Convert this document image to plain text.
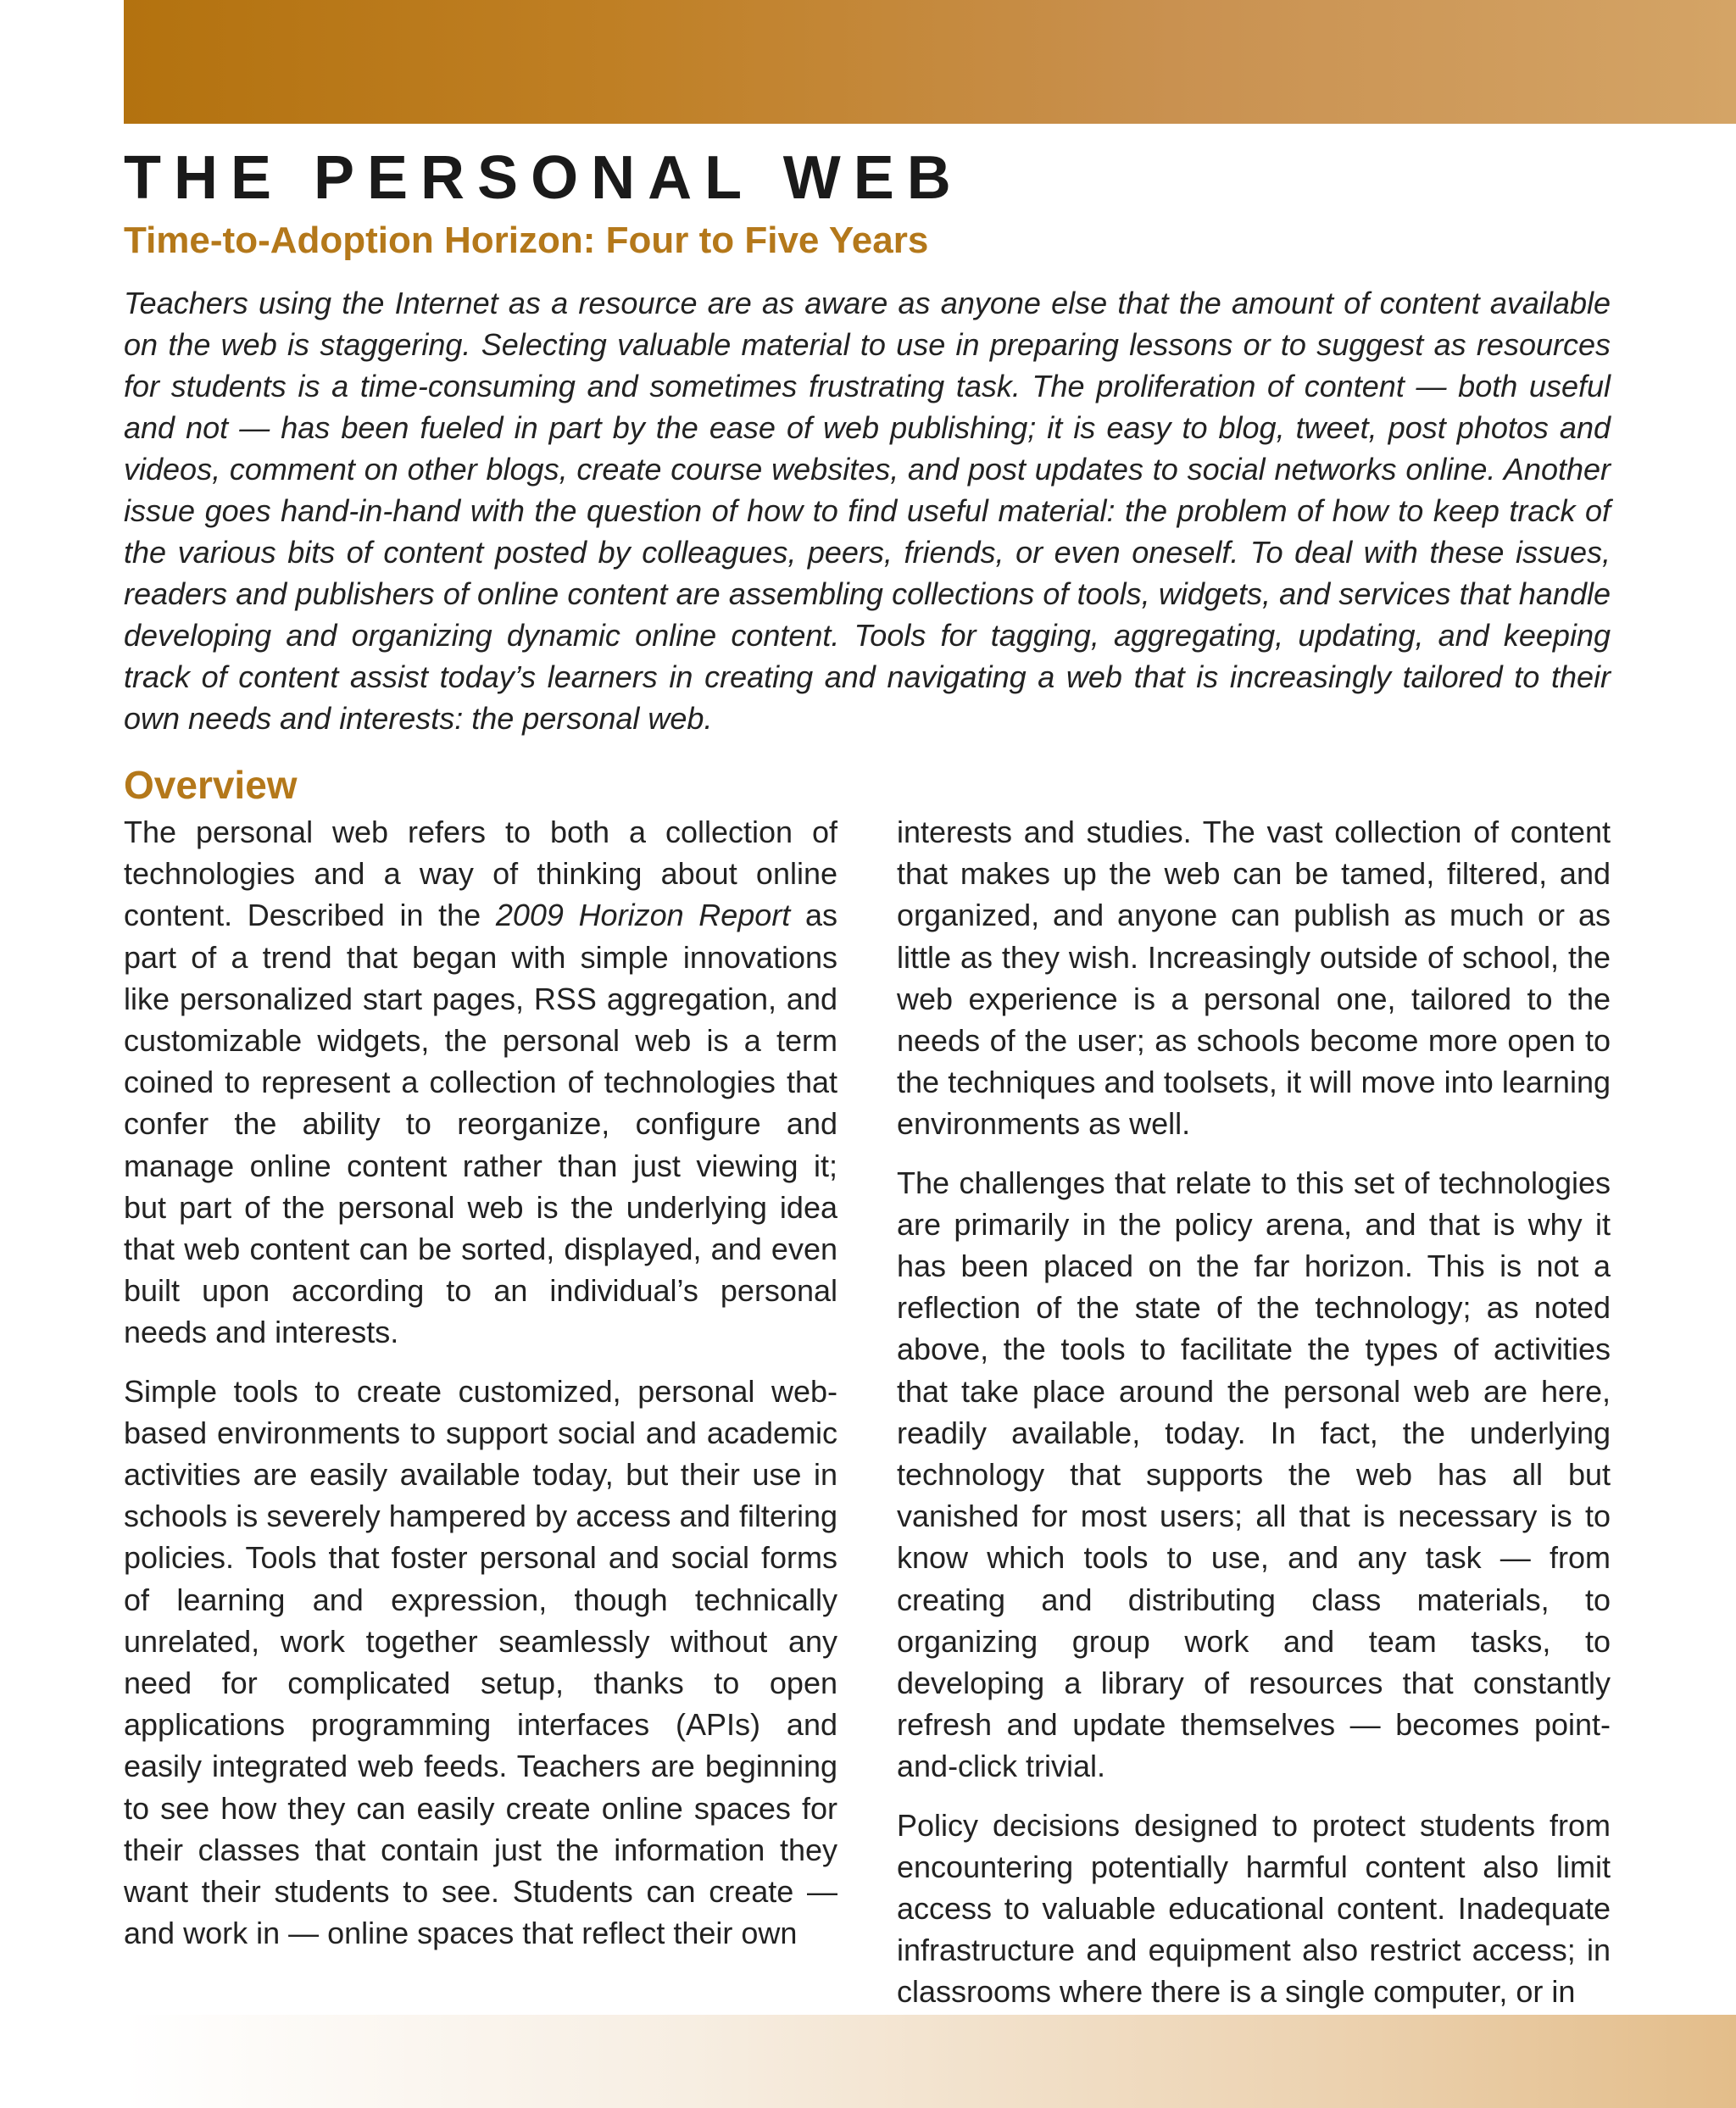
THE PERSONAL WEB
Time-to-Adoption Horizon: Four to Five Years

Teachers using the Internet as a resource are as aware as anyone else that the amount of content available on the web is staggering. Selecting valuable material to use in preparing lessons or to suggest as resources for students is a time-consuming and sometimes frustrating task. The proliferation of content — both useful and not — has been fueled in part by the ease of web publishing; it is easy to blog, tweet, post photos and videos, comment on other blogs, create course websites, and post updates to social networks online. Another issue goes hand-in-hand with the question of how to find useful material: the problem of how to keep track of the various bits of content posted by colleagues, peers, friends, or even oneself. To deal with these issues, readers and publishers of online content are assembling collections of tools, widgets, and services that handle developing and organizing dynamic online content. Tools for tagging, aggregating, updating, and keeping track of content assist today’s learners in creating and navigating a web that is increasingly tailored to their own needs and interests: the personal web.

Overview

The personal web refers to both a collection of technologies and a way of thinking about online content. Described in the 2009 Horizon Report as part of a trend that began with simple innovations like personalized start pages, RSS aggregation, and customizable widgets, the personal web is a term coined to represent a collection of technologies that confer the ability to reorganize, configure and manage online content rather than just viewing it; but part of the personal web is the underlying idea that web content can be sorted, displayed, and even built upon according to an individual’s personal needs and interests.

Simple tools to create customized, personal web-based environments to support social and academic activities are easily available today, but their use in schools is severely hampered by access and filtering policies. Tools that foster personal and social forms of learning and expression, though technically unrelated, work together seamlessly without any need for complicated setup, thanks to open applications programming interfaces (APIs) and easily integrated web feeds. Teachers are beginning to see how they can easily create online spaces for their classes that contain just the information they want their students to see. Students can create — and work in — online spaces that reflect their own

interests and studies. The vast collection of content that makes up the web can be tamed, filtered, and organized, and anyone can publish as much or as little as they wish. Increasingly outside of school, the web experience is a personal one, tailored to the needs of the user; as schools become more open to the techniques and toolsets, it will move into learning environments as well.

The challenges that relate to this set of technologies are primarily in the policy arena, and that is why it has been placed on the far horizon. This is not a reflection of the state of the technology; as noted above, the tools to facilitate the types of activities that take place around the personal web are here, readily available, today. In fact, the underlying technology that supports the web has all but vanished for most users; all that is necessary is to know which tools to use, and any task — from creating and distributing class materials, to organizing group work and team tasks, to developing a library of resources that constantly refresh and update themselves — becomes point-and-click trivial.

Policy decisions designed to protect students from encountering potentially harmful content also limit access to valuable educational content. Inadequate infrastructure and equipment also restrict access; in classrooms where there is a single computer, or in
